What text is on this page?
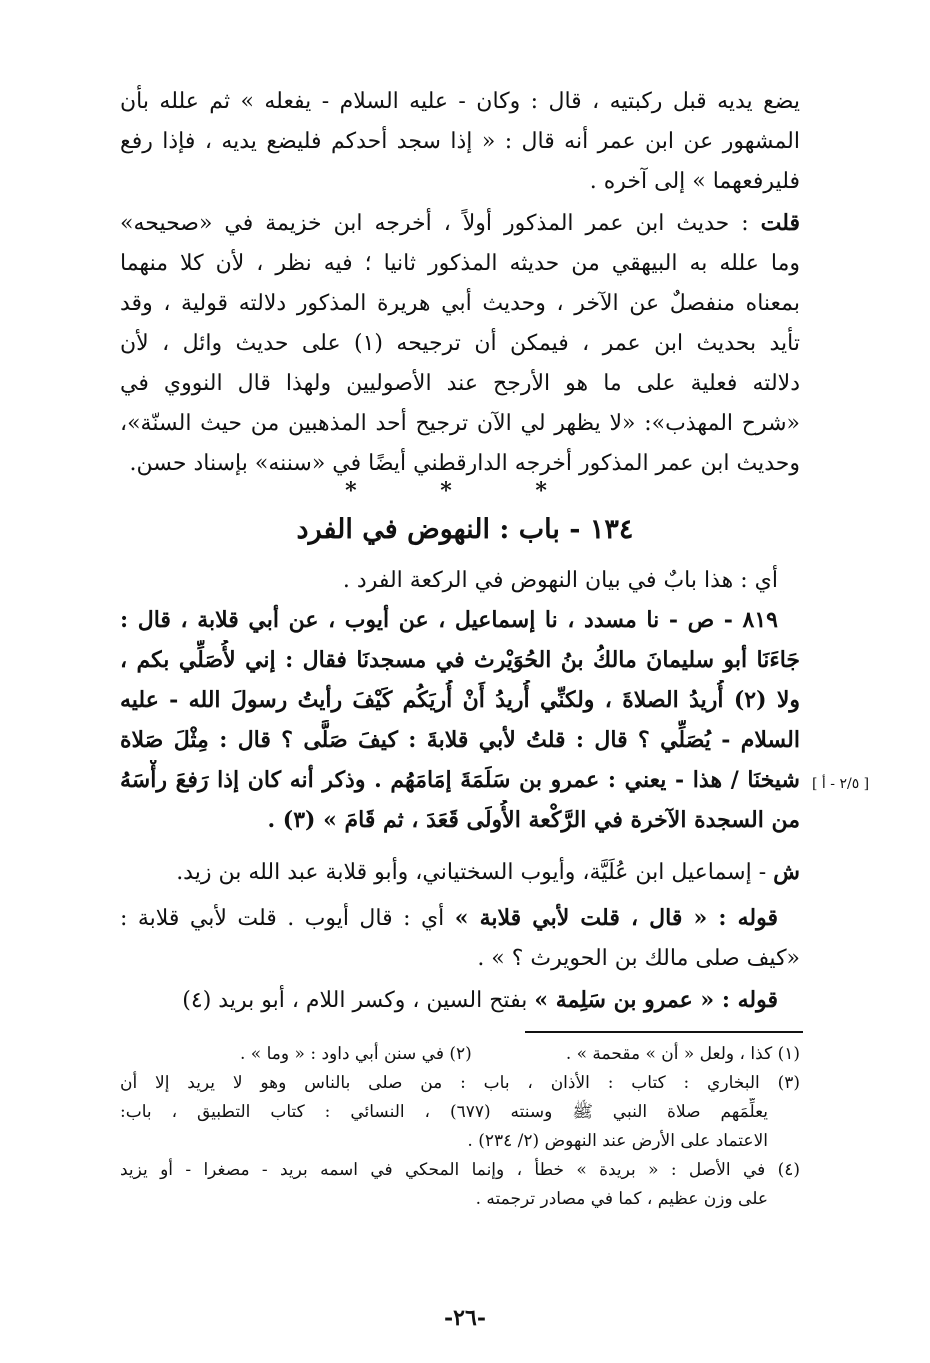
يضع يديه قبل ركبتيه ، قال : وكان - عليه السلام - يفعله » ثم علله بأن
المشهور عن ابن عمر أنه قال : « إذا سجد أحدكم فليضع يديه ، فإذا رفع
فليرفعهما » إلى آخره .
قلت : حديث ابن عمر المذكور أولاً ، أخرجه ابن خزيمة في «صحيحه»
وما علله به البيهقي من حديثه المذكور ثانيا ؛ فيه نظر ، لأن كلا منهما
بمعناه منفصلٌ عن الآخر ، وحديث أبي هريرة المذكور دلالته قولية ، وقد
تأيد بحديث ابن عمر ، فيمكن أن ترجيحه (١) على حديث وائل ، لأن
دلالته فعلية على ما هو الأرجح عند الأصوليين ولهذا قال النووي في
«شرح المهذب»: «لا يظهر لي الآن ترجيح أحد المذهبين من حيث السنّة»،
وحديث ابن عمر المذكور أخرجه الدارقطني أيضًا في «سننه» بإسناد حسن.
* * *
١٣٤ - باب : النهوض في الفرد
أي : هذا بابٌ في بيان النهوض في الركعة الفرد .
٨١٩ - ص - نا مسدد ، نا إسماعيل ، عن أيوب ، عن أبي قلابة ، قال :
جَاءَنَا أبو سليمانَ مالكُ بنُ الحُوَيْرث في مسجدنَا فقال : إني لأُصَلِّي بكم ،
ولا (٢) أُريدُ الصلاةَ ، ولكنِّي أُريدُ أَنْ أُريَكُم كَيْفَ رأيتُ رسولَ الله - عليه
السلام - يُصَلِّي ؟ قال : قلتُ لأبي قلابةَ : كيفَ صَلَّى ؟ قال : مِثْلَ صَلاة
شيخنَا / هذا - يعني : عمرو بن سَلَمَةَ إمَامَهُم . وذكر أنه كان إذا رَفعَ رأْسَهُ
من السجدة الآخرة في الرَّكْعة الأُولَى قَعَدَ ، ثم قَامَ » (٣) .
[ ٢/٥ - أ ]
ش - إسماعيل ابن عُلَيَّة، وأيوب السختياني، وأبو قلابة عبد الله بن زيد.
قوله : « قال ، قلت لأبي قلابة » أي : قال أيوب . قلت لأبي قلابة :
«كيف صلى مالك بن الحويرث ؟ » .
قوله : « عمرو بن سَلِمة » بفتح السين ، وكسر اللام ، أبو بريد (٤)
(١) كذا ، ولعل « أن » مقحمة » .
(٢) في سنن أبي داود : « وما » .
(٣) البخاري : كتاب : الأذان ، باب : من صلى بالناس وهو لا يريد إلا أن
يعلِّمَهم صلاة النبي ﷺ وسنته (٦٧٧) ، النسائي : كتاب التطبيق ، باب:
الاعتماد على الأرض عند النهوض (٢/ ٢٣٤) .
(٤) في الأصل : « بريدة » خطأ ، وإنما المحكي في اسمه بريد - مصغرا - أو يزيد
على وزن عظيم ، كما في مصادر ترجمته .
-٢٦-
